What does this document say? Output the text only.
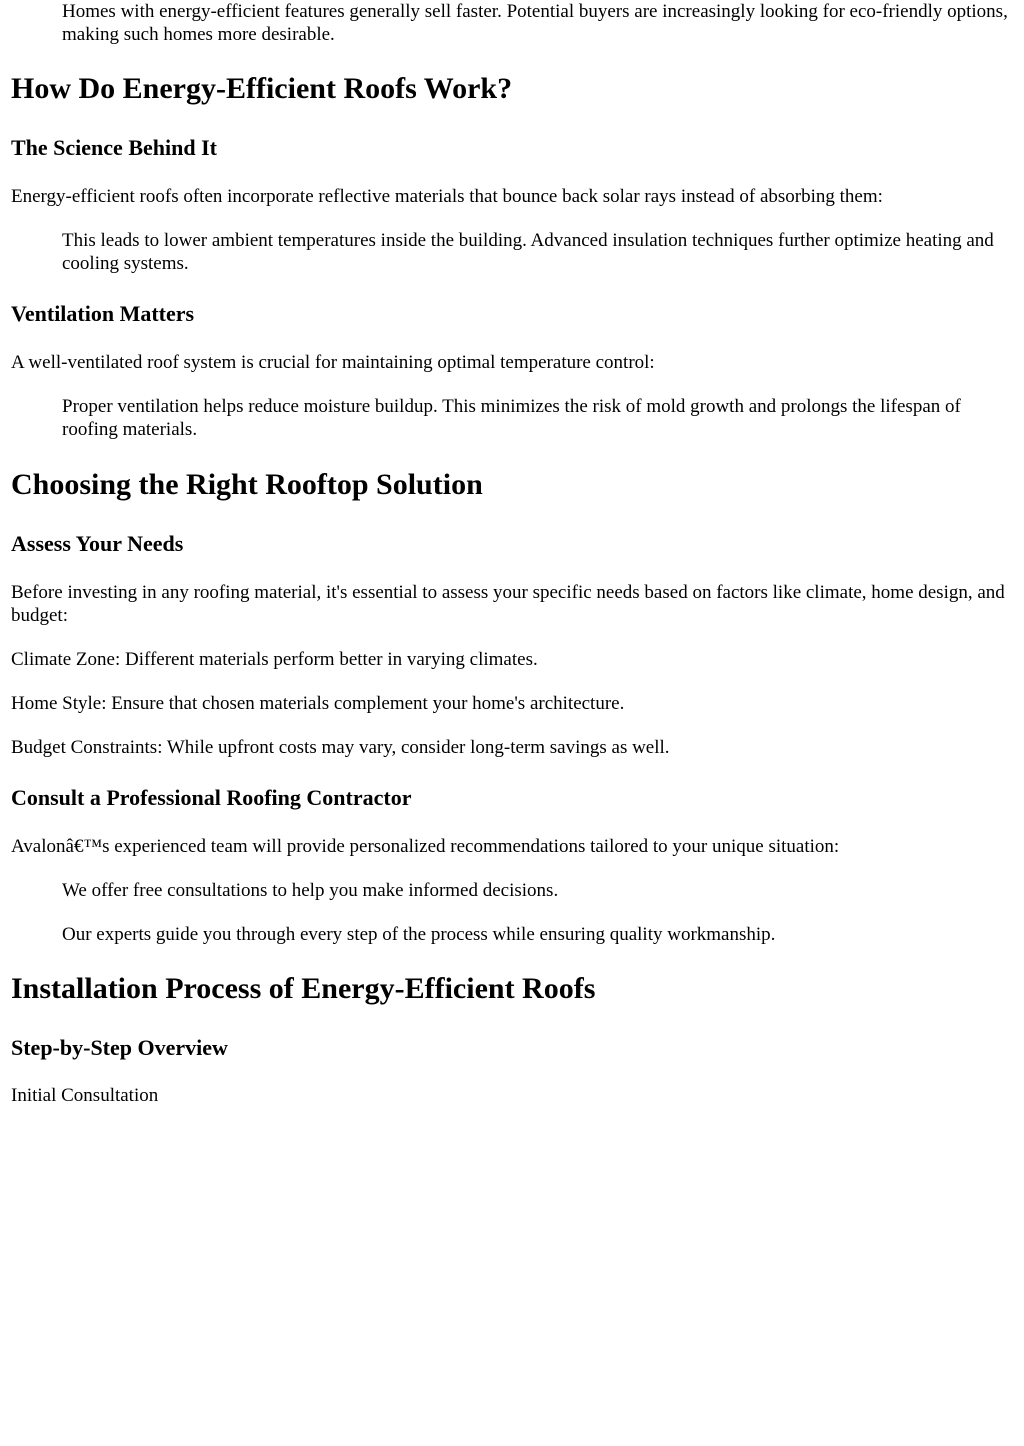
Homes with energy-efficient features generally sell faster. Potential buyers are increasingly looking for eco-friendly options, making such homes more desirable.

How Do Energy-Efficient Roofs Work?
The Science Behind It

Energy-efficient roofs often incorporate reflective materials that bounce back solar rays instead of absorbing them:

This leads to lower ambient temperatures inside the building. Advanced insulation techniques further optimize heating and cooling systems.

Ventilation Matters

A well-ventilated roof system is crucial for maintaining optimal temperature control:

Proper ventilation helps reduce moisture buildup. This minimizes the risk of mold growth and prolongs the lifespan of roofing materials.

Choosing the Right Rooftop Solution
Assess Your Needs

Before investing in any roofing material, it's essential to assess your specific needs based on factors like climate, home design, and budget:

Climate Zone: Different materials perform better in varying climates.

Home Style: Ensure that chosen materials complement your home's architecture.

Budget Constraints: While upfront costs may vary, consider long-term savings as well.

Consult a Professional Roofing Contractor

Avalonâ€™s experienced team will provide personalized recommendations tailored to your unique situation:

We offer free consultations to help you make informed decisions.

Our experts guide you through every step of the process while ensuring quality workmanship.

Installation Process of Energy-Efficient Roofs
Step-by-Step Overview

Initial Consultation
